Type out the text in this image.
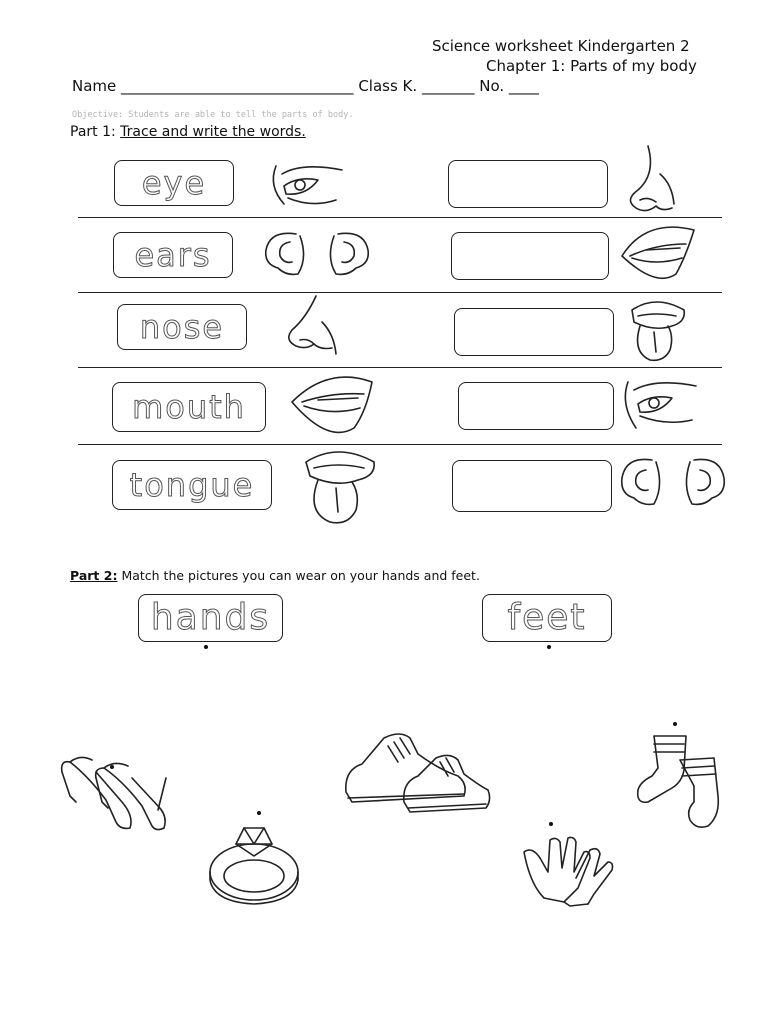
Science worksheet Kindergarten 2
Chapter 1: Parts of my body
Name _______________________________ Class K. _______ No. ____
Objective: Students are able to tell the parts of body.
Part 1: Trace and write the words.
eye
ears
nose
mouth
tongue
Part 2: Match the pictures you can wear on your hands and feet.
hands	feet
